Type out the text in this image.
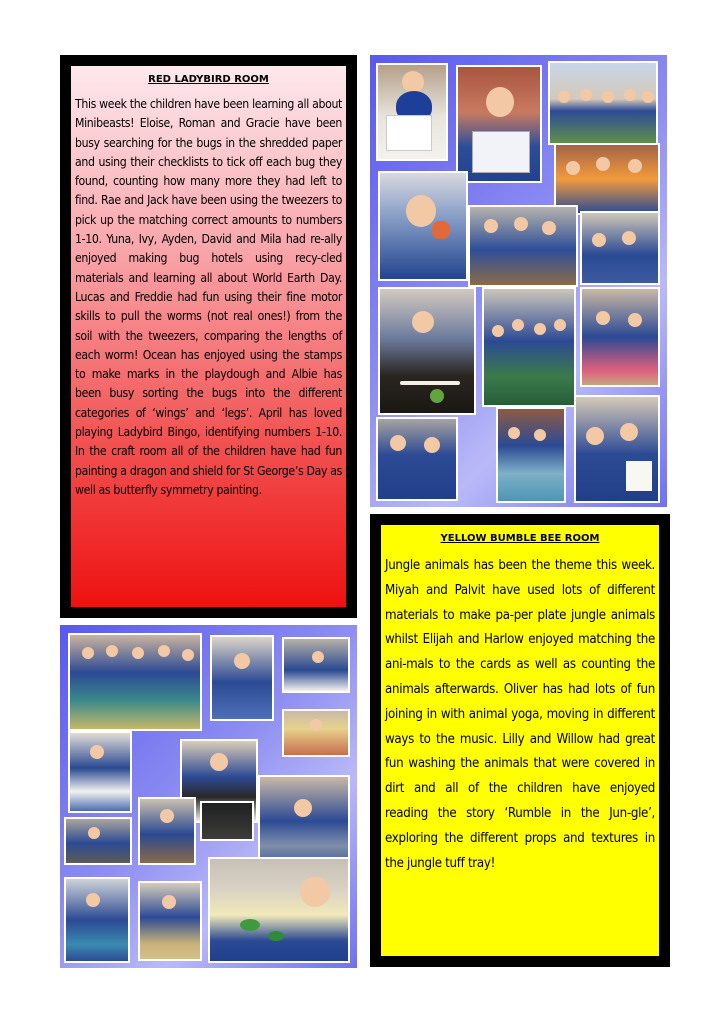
RED LADYBIRD ROOM

This week the children have been learning all about Minibeasts! Eloise, Roman and Gracie have been busy searching for the bugs in the shredded paper and using their checklists to tick off each bug they found, counting how many more they had left to find. Rae and Jack have been using the tweezers to pick up the matching correct amounts to numbers 1-10. Yuna, Ivy, Ayden, David and Mila had re-ally enjoyed making bug hotels using recy-cled materials and learning all about World Earth Day. Lucas and Freddie had fun using their fine motor skills to pull the worms (not real ones!) from the soil with the tweezers, comparing the lengths of each worm! Ocean has enjoyed using the stamps to make marks in the playdough and Albie has been busy sorting the bugs into the different categories of ‘wings’ and ‘legs’. April has loved playing Ladybird Bingo, identifying numbers 1-10. In the craft room all of the children have had fun painting a dragon and shield for St George’s Day as well as butterfly symmetry painting.

YELLOW BUMBLE BEE ROOM

Jungle animals has been the theme this week. Miyah and Palvit have used lots of different materials to make pa-per plate jungle animals whilst Elijah and Harlow enjoyed matching the ani-mals to the cards as well as counting the animals afterwards. Oliver has had lots of fun joining in with animal yoga, moving in different ways to the music. Lilly and Willow had great fun washing the animals that were covered in dirt and all of the children have enjoyed reading the story ‘Rumble in the Jun-gle’, exploring the different props and textures in the jungle tuff tray!
